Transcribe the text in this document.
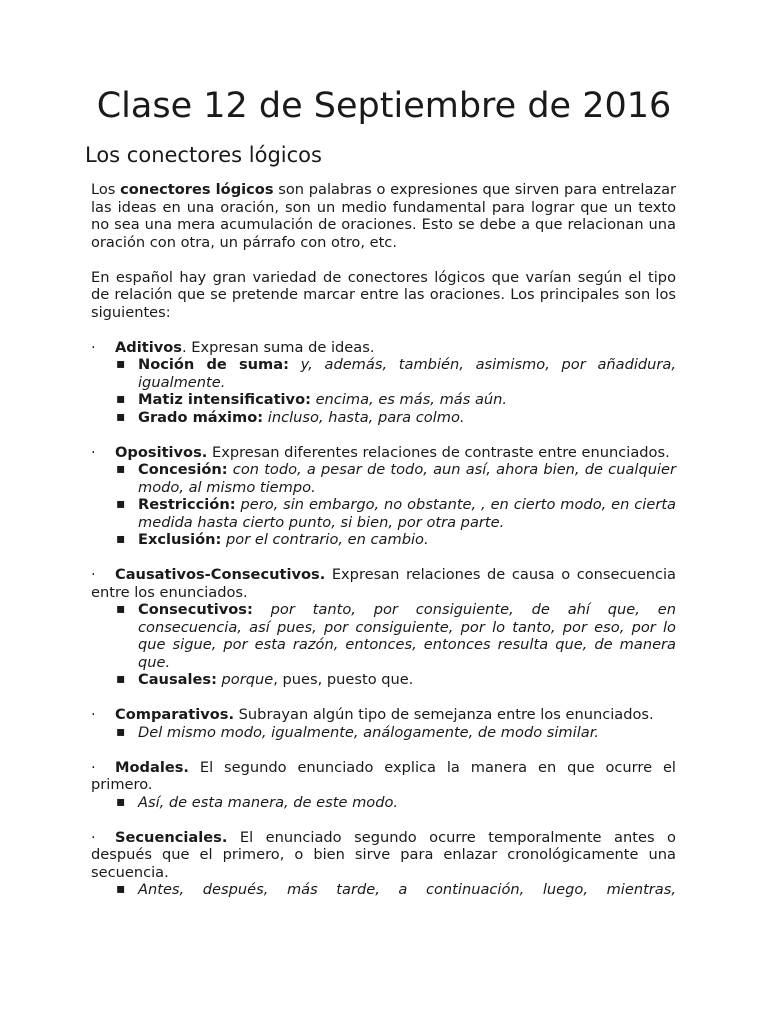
Clase 12 de Septiembre de 2016
Los conectores lógicos

Los conectores lógicos son palabras o expresiones que sirven para entrelazar las ideas en una oración, son un medio fundamental para lograr que un texto no sea una mera acumulación de oraciones. Esto se debe a que relacionan una oración con otra, un párrafo con otro, etc.

En español hay gran variedad de conectores lógicos que varían según el tipo de relación que se pretende marcar entre las oraciones. Los principales son los siguientes:

· Aditivos. Expresan suma de ideas.

▪ Noción de suma: y, además, también, asimismo, por añadidura, igualmente.
▪ Matiz intensificativo: encima, es más, más aún.
▪ Grado máximo: incluso, hasta, para colmo.

· Opositivos. Expresan diferentes relaciones de contraste entre enunciados.

▪ Concesión: con todo, a pesar de todo, aun así, ahora bien, de cualquier modo, al mismo tiempo.
▪ Restricción: pero, sin embargo, no obstante, , en cierto modo, en cierta medida hasta cierto punto, si bien, por otra parte.
▪ Exclusión: por el contrario, en cambio.

· Causativos-Consecutivos. Expresan relaciones de causa o consecuencia entre los enunciados.

▪ Consecutivos: por tanto, por consiguiente, de ahí que, en consecuencia, así pues, por consiguiente, por lo tanto, por eso, por lo que sigue, por esta razón, entonces, entonces resulta que, de manera que.
▪ Causales: porque, pues, puesto que.

· Comparativos. Subrayan algún tipo de semejanza entre los enunciados.

▪ Del mismo modo, igualmente, análogamente, de modo similar.

· Modales. El segundo enunciado explica la manera en que ocurre el primero.

▪ Así, de esta manera, de este modo.

· Secuenciales. El enunciado segundo ocurre temporalmente antes o después que el primero, o bien sirve para enlazar cronológicamente una secuencia.

▪ Antes, después, más tarde, a continuación, luego, mientras,
